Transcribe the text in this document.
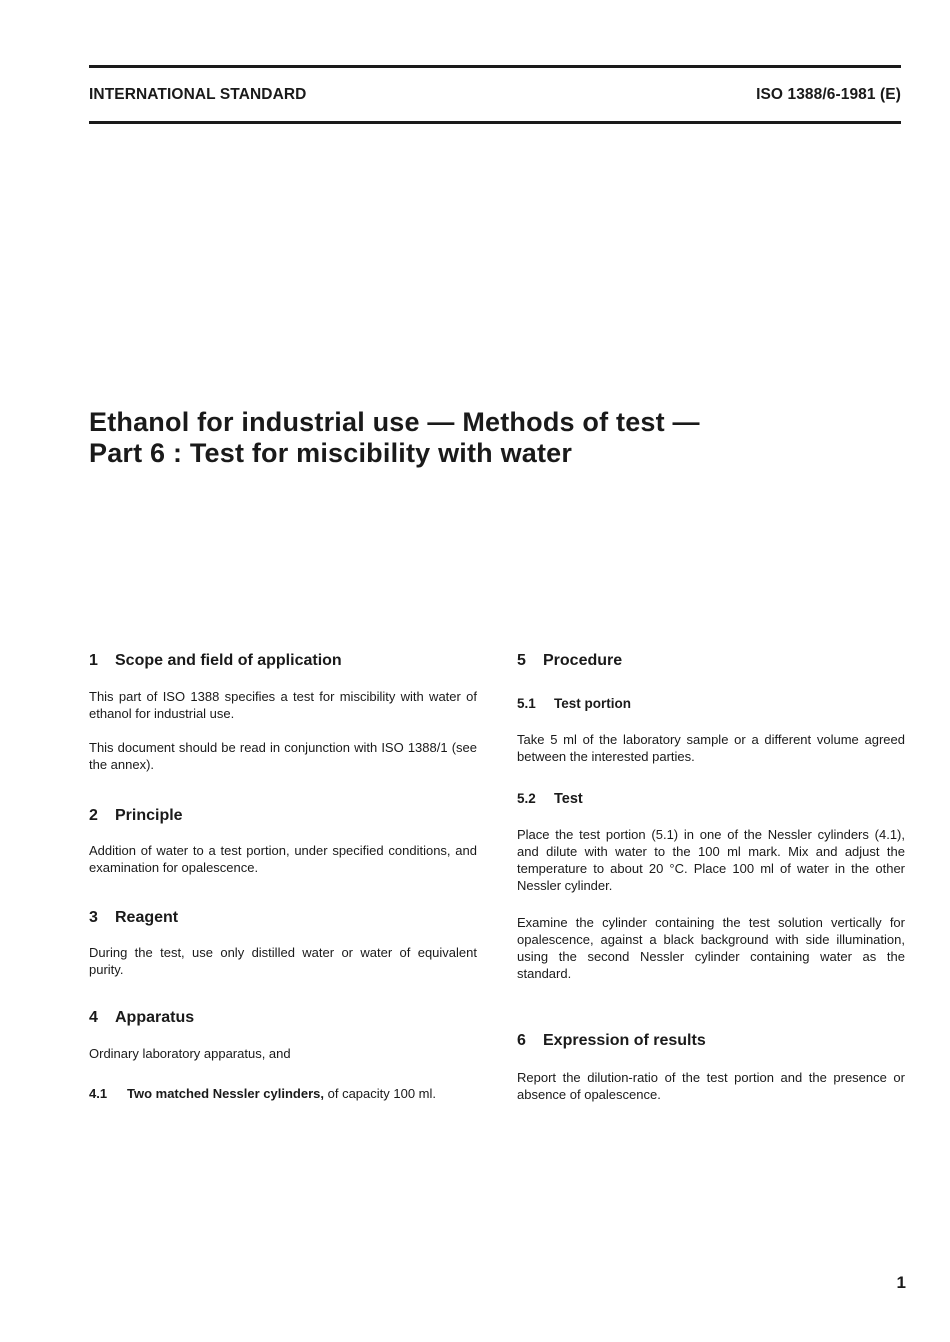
INTERNATIONAL STANDARD	ISO 1388/6-1981 (E)
Ethanol for industrial use — Methods of test —
Part 6 : Test for miscibility with water
1 Scope and field of application

This part of ISO 1388 specifies a test for miscibility with water of ethanol for industrial use.

This document should be read in conjunction with ISO 1388/1 (see the annex).

2 Principle

Addition of water to a test portion, under specified conditions, and examination for opalescence.

3 Reagent

During the test, use only distilled water or water of equivalent purity.

4 Apparatus

Ordinary laboratory apparatus, and

4.1 Two matched Nessler cylinders, of capacity 100 ml.

5 Procedure
5.1 Test portion

Take 5 ml of the laboratory sample or a different volume agreed between the interested parties.

5.2 Test

Place the test portion (5.1) in one of the Nessler cylinders (4.1), and dilute with water to the 100 ml mark. Mix and adjust the temperature to about 20 °C. Place 100 ml of water in the other Nessler cylinder.

Examine the cylinder containing the test solution vertically for opalescence, against a black background with side illumination, using the second Nessler cylinder containing water as the standard.

6 Expression of results

Report the dilution-ratio of the test portion and the presence or absence of opalescence.

1
